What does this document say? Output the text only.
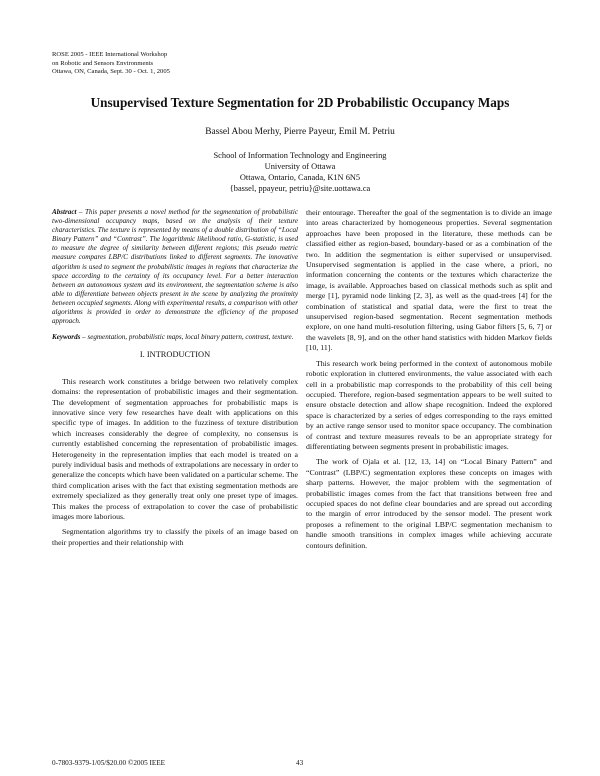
ROSE 2005 - IEEE International Workshop
on Robotic and Sensors Environments
Ottawa, ON, Canada, Sept. 30 - Oct. 1, 2005
Unsupervised Texture Segmentation for 2D Probabilistic Occupancy Maps
Bassel Abou Merhy, Pierre Payeur, Emil M. Petriu
School of Information Technology and Engineering
University of Ottawa
Ottawa, Ontario, Canada, K1N 6N5
{bassel, ppayeur, petriu}@site.uottawa.ca
Abstract – This paper presents a novel method for the segmentation of probabilistic two-dimensional occupancy maps, based on the analysis of their texture characteristics. The texture is represented by means of a double distribution of “Local Binary Pattern” and “Contrast”. The logarithmic likelihood ratio, G-statistic, is used to measure the degree of similarity between different regions; this pseudo metric measure compares LBP/C distributions linked to different segments. The innovative algorithm is used to segment the probabilistic images in regions that characterize the space according to the certainty of its occupancy level. For a better interaction between an autonomous system and its environment, the segmentation scheme is also able to differentiate between objects present in the scene by analyzing the proximity between occupied segments. Along with experimental results, a comparison with other algorithms is provided in order to demonstrate the efficiency of the proposed approach.
Keywords – segmentation, probabilistic maps, local binary pattern, contrast, texture.
I. INTRODUCTION

This research work constitutes a bridge between two relatively complex domains: the representation of probabilistic images and their segmentation. The development of segmentation approaches for probabilistic maps is innovative since very few researches have dealt with applications on this specific type of images. In addition to the fuzziness of texture distribution which increases considerably the degree of complexity, no consensus is currently established concerning the representation of probabilistic images. Heterogeneity in the representation implies that each model is treated on a purely individual basis and methods of extrapolations are necessary in order to generalize the concepts which have been validated on a particular scheme. The third complication arises with the fact that existing segmentation methods are extremely specialized as they generally treat only one preset type of images. This makes the process of extrapolation to cover the case of probabilistic images more laborious.

Segmentation algorithms try to classify the pixels of an image based on their properties and their relationship with

their entourage. Thereafter the goal of the segmentation is to divide an image into areas characterized by homogeneous properties. Several segmentation approaches have been proposed in the literature, these methods can be classified either as region-based, boundary-based or as a combination of the two. In addition the segmentation is either supervised or unsupervised. Unsupervised segmentation is applied in the case where, a priori, no information concerning the contents or the textures which characterize the image, is available. Approaches based on classical methods such as split and merge [1], pyramid node linking [2, 3], as well as the quad-trees [4] for the combination of statistical and spatial data, were the first to treat the unsupervised region-based segmentation. Recent segmentation methods explore, on one hand multi-resolution filtering, using Gabor filters [5, 6, 7] or the wavelets [8, 9], and on the other hand statistics with hidden Markov fields [10, 11].

This research work being performed in the context of autonomous mobile robotic exploration in cluttered environments, the value associated with each cell in a probabilistic map corresponds to the probability of this cell being occupied. Therefore, region-based segmentation appears to be well suited to ensure obstacle detection and allow shape recognition. Indeed the explored space is characterized by a series of edges corresponding to the rays emitted by an active range sensor used to monitor space occupancy. The combination of contrast and texture measures reveals to be an appropriate strategy for differentiating between segments present in probabilistic images.

The work of Ojala et al. [12, 13, 14] on “Local Binary Pattern” and “Contrast” (LBP/C) segmentation explores these concepts on images with sharp patterns. However, the major problem with the segmentation of probabilistic images comes from the fact that transitions between free and occupied spaces do not define clear boundaries and are spread out according to the margin of error introduced by the sensor model. The present work proposes a refinement to the original LBP/C segmentation mechanism to handle smooth transitions in complex images while achieving accurate contours definition.

0-7803-9379-1/05/$20.00 ©2005 IEEE	43
